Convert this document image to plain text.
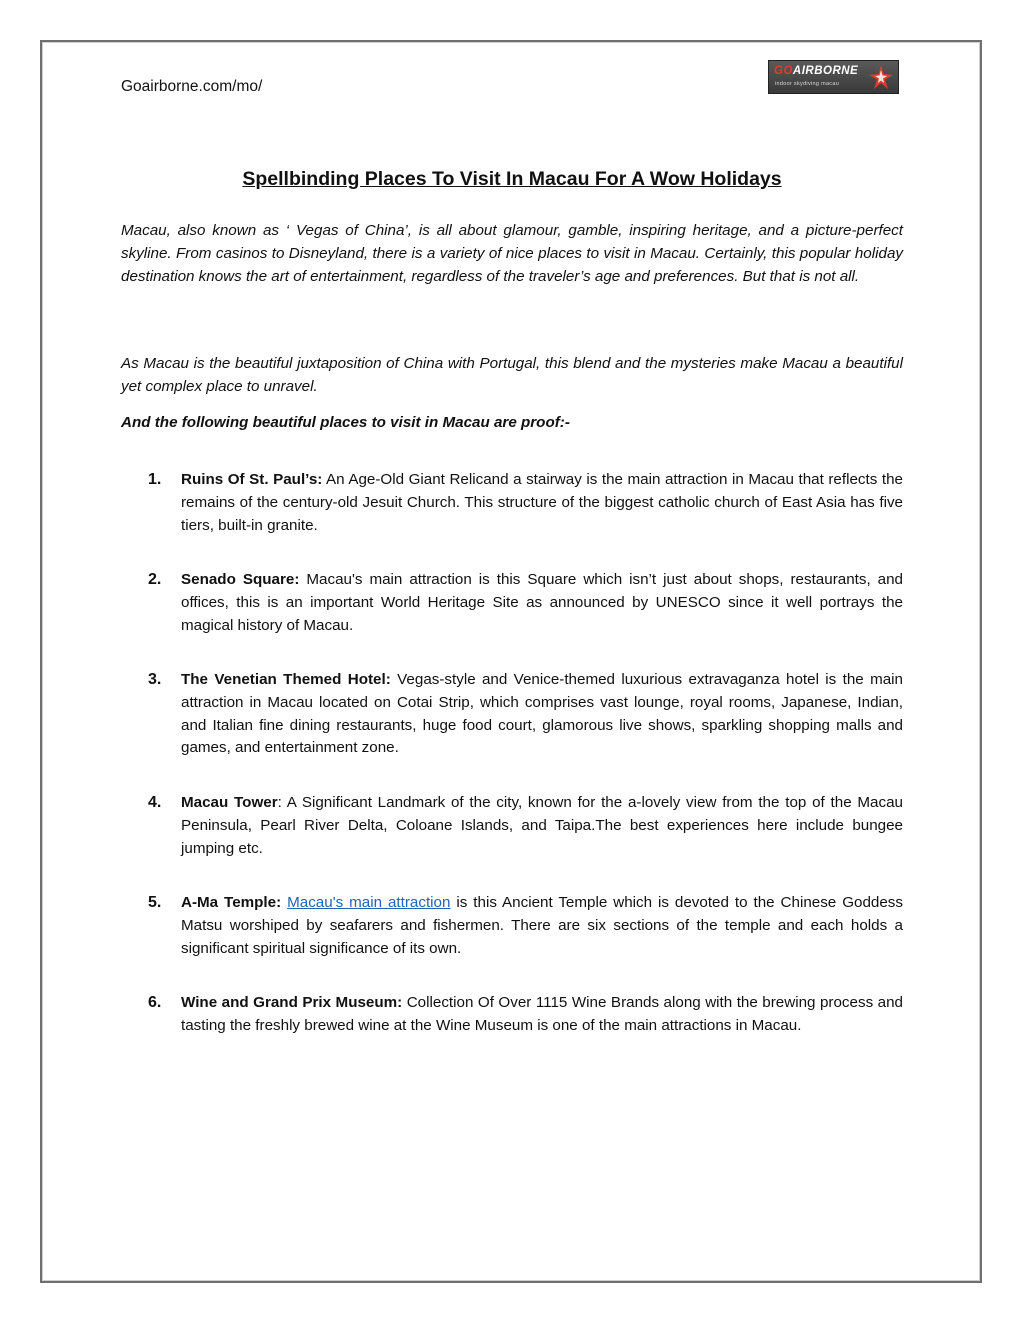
Goairborne.com/mo/
GOAIRBORNE
indoor skydiving macau
Spellbinding Places To Visit In Macau For A Wow Holidays

Macau, also known as ‘ Vegas of China’, is all about glamour, gamble, inspiring heritage, and a picture-perfect skyline. From casinos to Disneyland, there is a variety of nice places to visit in Macau. Certainly, this popular holiday destination knows the art of entertainment, regardless of the traveler’s age and preferences. But that is not all.

As Macau is the beautiful juxtaposition of China with Portugal, this blend and the mysteries make Macau a beautiful yet complex place to unravel.

And the following beautiful places to visit in Macau are proof:-

1.	Ruins Of St. Paul’s: An Age-Old Giant Relicand a stairway is the main attraction in Macau that reflects the remains of the century-old Jesuit Church. This structure of the biggest catholic church of East Asia has five tiers, built-in granite.

2.	Senado Square: Macau's main attraction is this Square which isn’t just about shops, restaurants, and offices, this is an important World Heritage Site as announced by UNESCO since it well portrays the magical history of Macau.

3.	The Venetian Themed Hotel: Vegas-style and Venice-themed luxurious extravaganza hotel is the main attraction in Macau located on Cotai Strip, which comprises vast lounge, royal rooms, Japanese, Indian, and Italian fine dining restaurants, huge food court, glamorous live shows, sparkling shopping malls and games, and entertainment zone.

4.	Macau Tower: A Significant Landmark of the city, known for the a-lovely view from the top of the Macau Peninsula, Pearl River Delta, Coloane Islands, and Taipa.The best experiences here include bungee jumping etc.

5.	A-Ma Temple: Macau's main attraction is this Ancient Temple which is devoted to the Chinese Goddess Matsu worshiped by seafarers and fishermen. There are six sections of the temple and each holds a significant spiritual significance of its own.

6.	Wine and Grand Prix Museum: Collection Of Over 1115 Wine Brands along with the brewing process and tasting the freshly brewed wine at the Wine Museum is one of the main attractions in Macau.
